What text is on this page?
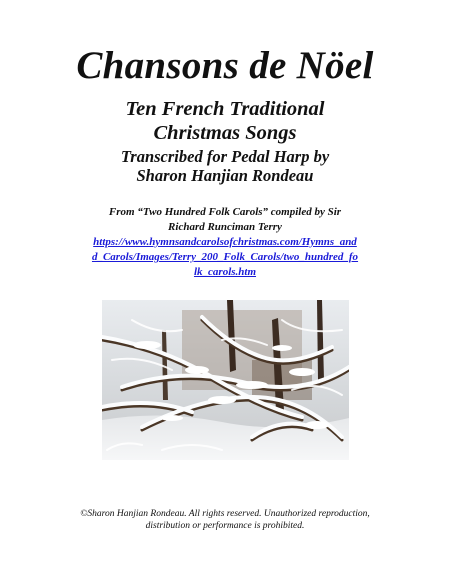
Chansons de Nöel
Ten French Traditional
Christmas Songs
Transcribed for Pedal Harp by
Sharon Hanjian Rondeau
From “Two Hundred Folk Carols” compiled by Sir
Richard Runciman Terry
https://www.hymnsandcarolsofchristmas.com/Hymns_and
d_Carols/Images/Terry_200_Folk_Carols/two_hundred_fo
lk_carols.htm
©Sharon Hanjian Rondeau. All rights reserved. Unauthorized reproduction,
distribution or performance is prohibited.
